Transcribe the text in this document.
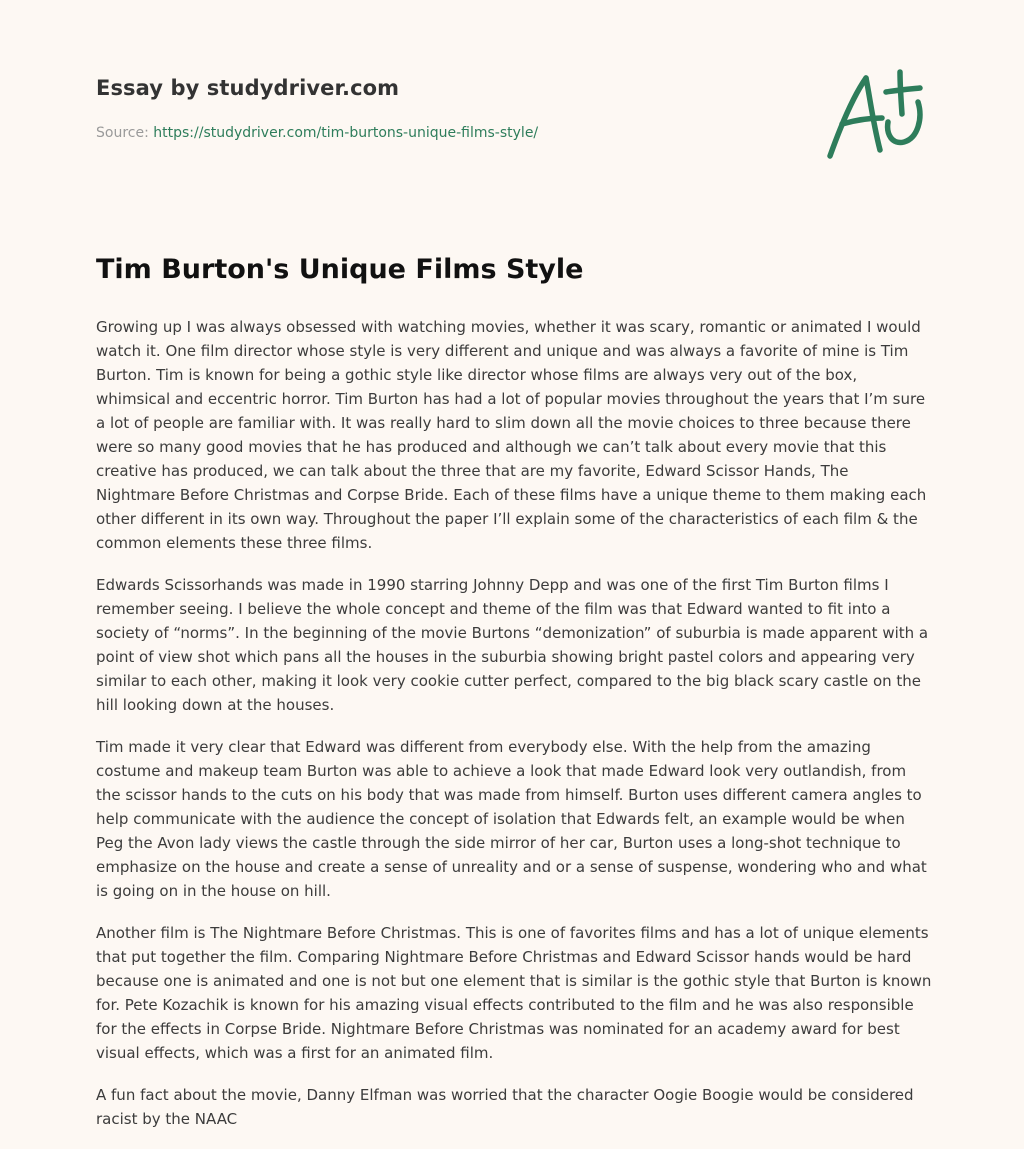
Essay by studydriver.com
Source: https://studydriver.com/tim-burtons-unique-films-style/
Tim Burton's Unique Films Style

Growing up I was always obsessed with watching movies, whether it was scary, romantic or animated I would watch it. One film director whose style is very different and unique and was always a favorite of mine is Tim Burton. Tim is known for being a gothic style like director whose films are always very out of the box, whimsical and eccentric horror. Tim Burton has had a lot of popular movies throughout the years that I’m sure a lot of people are familiar with. It was really hard to slim down all the movie choices to three because there were so many good movies that he has produced and although we can’t talk about every movie that this creative has produced, we can talk about the three that are my favorite, Edward Scissor Hands, The Nightmare Before Christmas and Corpse Bride. Each of these films have a unique theme to them making each other different in its own way. Throughout the paper I’ll explain some of the characteristics of each film & the common elements these three films.

Edwards Scissorhands was made in 1990 starring Johnny Depp and was one of the first Tim Burton films I remember seeing. I believe the whole concept and theme of the film was that Edward wanted to fit into a society of “norms”. In the beginning of the movie Burtons “demonization” of suburbia is made apparent with a point of view shot which pans all the houses in the suburbia showing bright pastel colors and appearing very similar to each other, making it look very cookie cutter perfect, compared to the big black scary castle on the hill looking down at the houses.

Tim made it very clear that Edward was different from everybody else. With the help from the amazing costume and makeup team Burton was able to achieve a look that made Edward look very outlandish, from the scissor hands to the cuts on his body that was made from himself. Burton uses different camera angles to help communicate with the audience the concept of isolation that Edwards felt, an example would be when Peg the Avon lady views the castle through the side mirror of her car, Burton uses a long-shot technique to emphasize on the house and create a sense of unreality and or a sense of suspense, wondering who and what is going on in the house on hill.

Another film is The Nightmare Before Christmas. This is one of favorites films and has a lot of unique elements that put together the film. Comparing Nightmare Before Christmas and Edward Scissor hands would be hard because one is animated and one is not but one element that is similar is the gothic style that Burton is known for. Pete Kozachik is known for his amazing visual effects contributed to the film and he was also responsible for the effects in Corpse Bride. Nightmare Before Christmas was nominated for an academy award for best visual effects, which was a first for an animated film.

A fun fact about the movie, Danny Elfman was worried that the character Oogie Boogie would be considered racist by the NAAC
